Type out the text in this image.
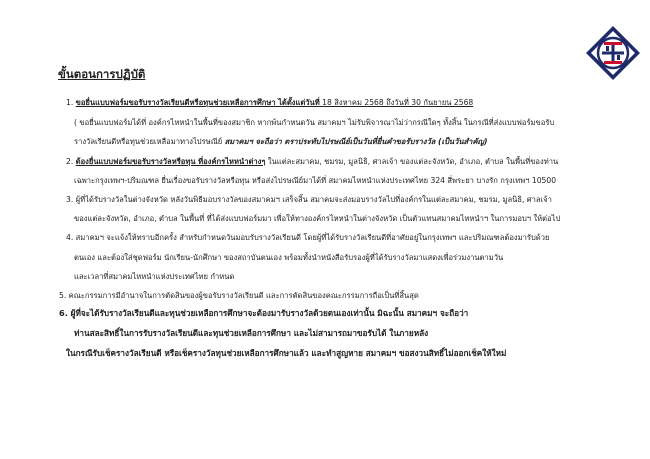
ขั้นตอนการปฏิบัติ
1. ขอยื่นแบบฟอร์มขอรับรางวัลเรียนดีหรือทุนช่วยเหลือการศึกษา ได้ตั้งแต่วันที่ 18 สิงหาคม 2568 ถึงวันที่ 30 กันยายน 2568
( ขอยื่นแบบฟอร์มได้ที่ องค์กรไหหนำในพื้นที่ของสมาชิก หากพ้นกำหนดวัน สมาคมฯ ไม่รับพิจารณาไม่ว่ากรณีใดๆ ทั้งสิ้น ในกรณีที่ส่งแบบฟอร์มขอรับ
รางวัลเรียนดีหรือทุนช่วยเหลือมาทางไปรษณีย์ สมาคมฯ จะถือว่า ตราประทับไปรษณีย์เป็นวันที่ยื่นคำขอรับรางวัล (เป็นวันสำคัญ)
2. ต้องยื่นแบบฟอร์มขอรับรางวัลหรือทุน ที่องค์กรไหหนำต่างๆ ในแต่ละสมาคม, ชมรม, มูลนิธิ, ศาลเจ้า ของแต่ละจังหวัด, อำเภอ, ตำบล ในพื้นที่ของท่าน
เฉพาะกรุงเทพฯ-ปริมณฑล ยื่นเรื่องขอรับรางวัลหรือทุน หรือส่งไปรษณีย์มาได้ที่ สมาคมไหหนำแห่งประเทศไทย 324 สี่พระยา บางรัก กรุงเทพฯ 10500
3. ผู้ที่ได้รับรางวัลในต่างจังหวัด หลังวันพิธีมอบรางวัลของสมาคมฯ เสร็จสิ้น สมาคมจะส่งมอบรางวัลไปที่องค์กรในแต่ละสมาคม, ชมรม, มูลนิธิ, ศาลเจ้า
ของแต่ละจังหวัด, อำเภอ, ตำบล ในพื้นที่ ที่ได้ส่งแบบฟอร์มมา เพื่อให้ทางองค์กรไหหนำในต่างจังหวัด เป็นตัวแทนสมาคมไหหนำฯ ในการมอบฯ ให้ต่อไป
4. สมาคมฯ จะแจ้งให้ทราบอีกครั้ง สำหรับกำหนดวันมอบรับรางวัลเรียนดี โดยผู้ที่ได้รับรางวัลเรียนดีที่อาศัยอยู่ในกรุงเทพฯ และปริมณฑลต้องมารับด้วย
ตนเอง และต้องใส่ชุดฟอร์ม นักเรียน-นักศึกษา ของสถาบันตนเอง พร้อมทั้งนำหนังสือรับรองผู้ที่ได้รับรางวัลมาแสดงเพื่อร่วมงานตามวัน
และเวลาที่สมาคมไหหนำแห่งประเทศไทย กำหนด
5. คณะกรรมการมีอำนาจในการตัดสินของผู้ขอรับรางวัลเรียนดี และการตัดสินของคณะกรรมการถือเป็นที่สิ้นสุด
6. ผู้ที่จะได้รับรางวัลเรียนดีและทุนช่วยเหลือการศึกษาจะต้องมารับรางวัลด้วยตนเองเท่านั้น มิฉะนั้น สมาคมฯ จะถือว่า
ท่านสละสิทธิ์ในการรับรางวัลเรียนดีและทุนช่วยเหลือการศึกษา และไม่สามารถมาขอรับได้ ในภายหลัง
ในกรณีรับเช็ครางวัลเรียนดี หรือเช็ครางวัลทุนช่วยเหลือการศึกษาแล้ว และทำสูญหาย สมาคมฯ ขอสงวนสิทธิ์ไม่ออกเช็คให้ใหม่
